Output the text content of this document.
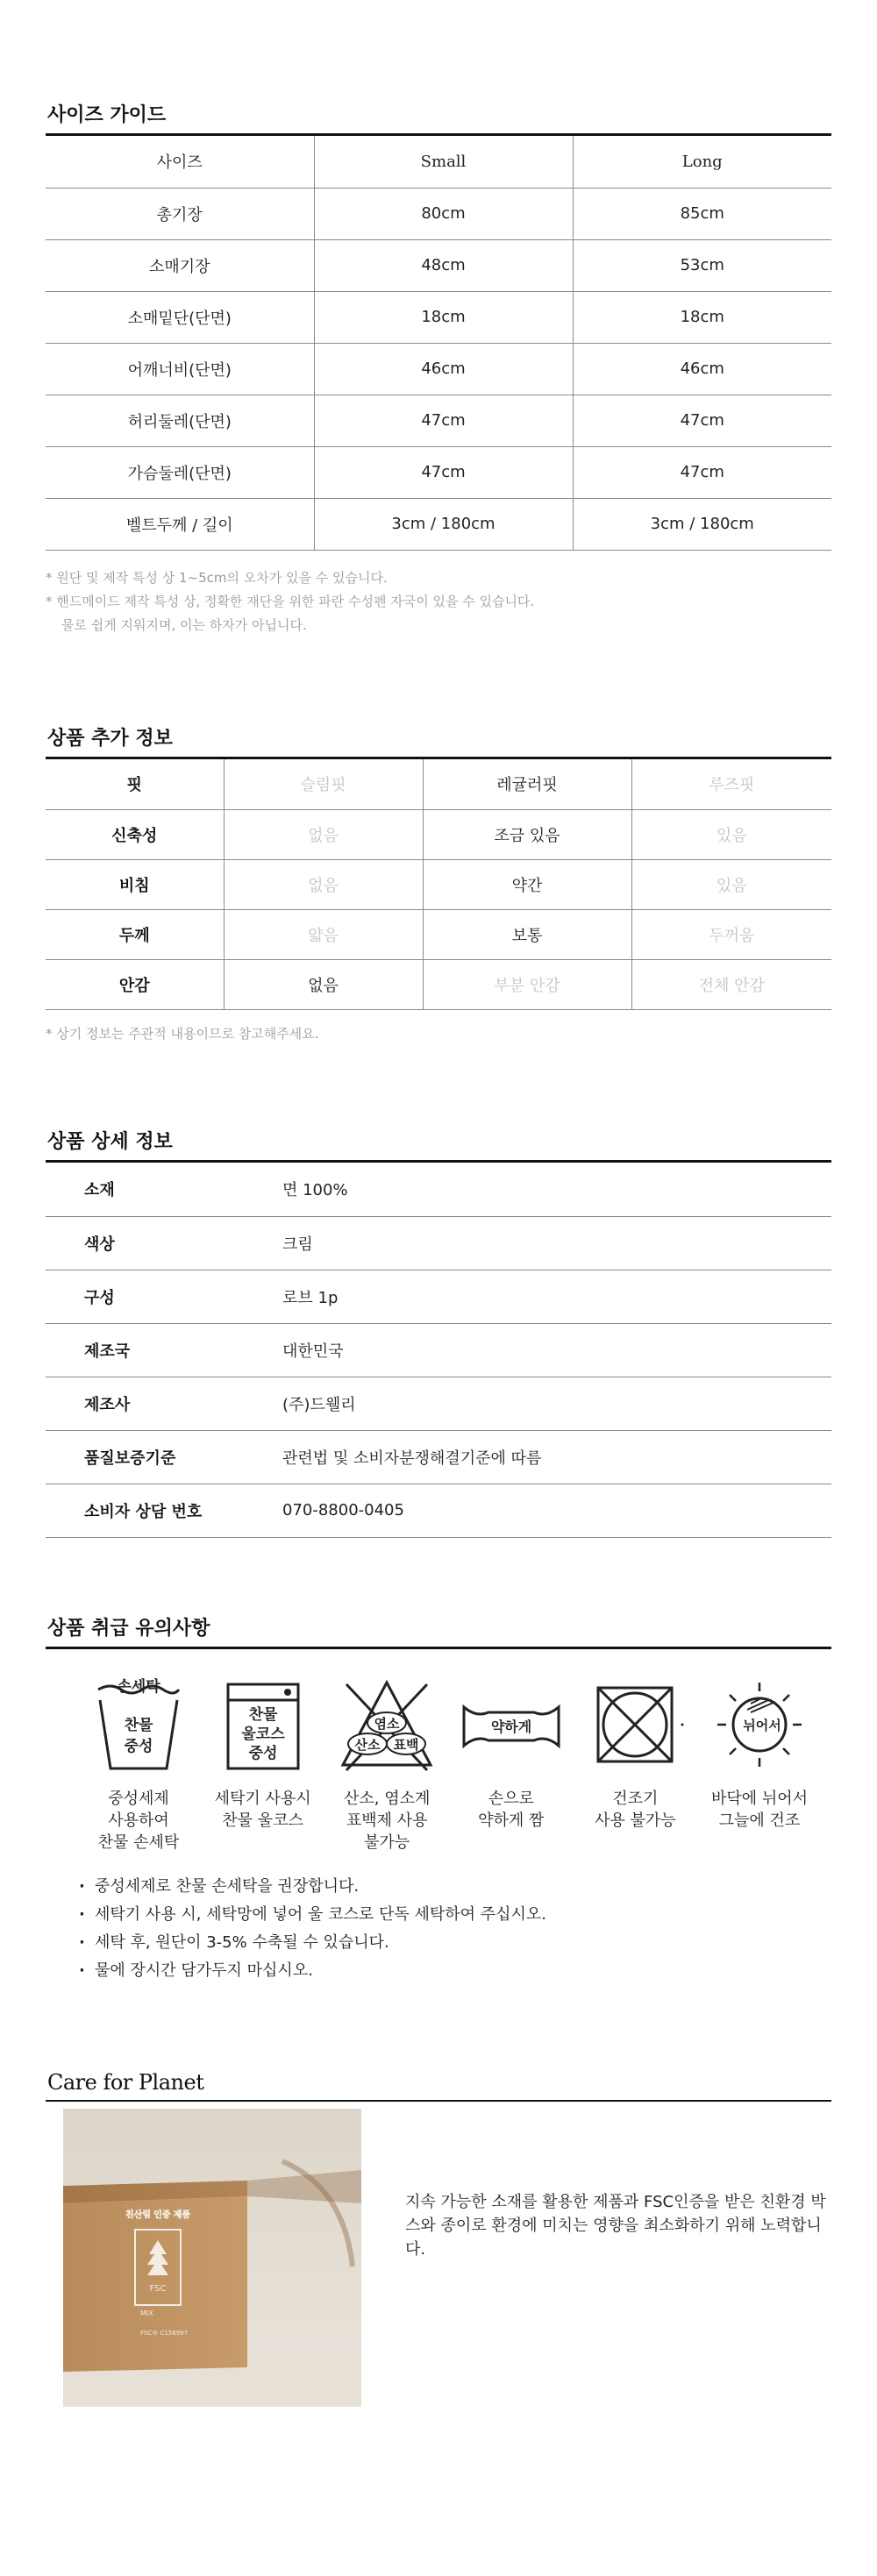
사이즈 가이드
사이즈	Small	Long
총기장	80cm	85cm
소매기장	48cm	53cm
소매밑단(단면)	18cm	18cm
어깨너비(단면)	46cm	46cm
허리둘레(단면)	47cm	47cm
가슴둘레(단면)	47cm	47cm
벨트두께 / 길이	3cm / 180cm	3cm / 180cm
* 원단 및 제작 특성 상 1~5cm의 오차가 있을 수 있습니다.
* 핸드메이드 제작 특성 상, 정확한 재단을 위한 파란 수성펜 자국이 있을 수 있습니다.
물로 쉽게 지워지며, 이는 하자가 아닙니다.
상품 추가 정보
핏	슬림핏	레귤러핏	루즈핏
신축성	없음	조금 있음	있음
비침	없음	약간	있음
두께	얇음	보통	두꺼움
안감	없음	부분 안감	전체 안감
* 상기 정보는 주관적 내용이므로 참고해주세요.
상품 상세 정보
소재	면 100%
색상	크림
구성	로브 1p
제조국	대한민국
제조사	(주)드웰리
품질보증기준	관련법 및 소비자분쟁해결기준에 따름
소비자 상담 번호	070-8800-0405
상품 취급 유의사항
손세탁
찬물
중성
중성세제
사용하여
찬물 손세탁
찬물
울코스
중성
세탁기 사용시
찬물 울코스
염소
산소 표백
산소, 염소계
표백제 사용
불가능
약하게
손으로
약하게 짬
건조기
사용 불가능
뉘어서
바닥에 뉘어서
그늘에 건조
· 중성세제로 찬물 손세탁을 권장합니다.
· 세탁기 사용 시, 세탁망에 넣어 울 코스로 단독 세탁하여 주십시오.
· 세탁 후, 원단이 3-5% 수축될 수 있습니다.
· 물에 장시간 담가두지 마십시오.
Care for Planet
친산림 인증 제품
FSC
MIX
FSC® C156997
지속 가능한 소재를 활용한 제품과 FSC인증을 받은 친환경 박스와 종이로 환경에 미치는 영향을 최소화하기 위해 노력합니다.
